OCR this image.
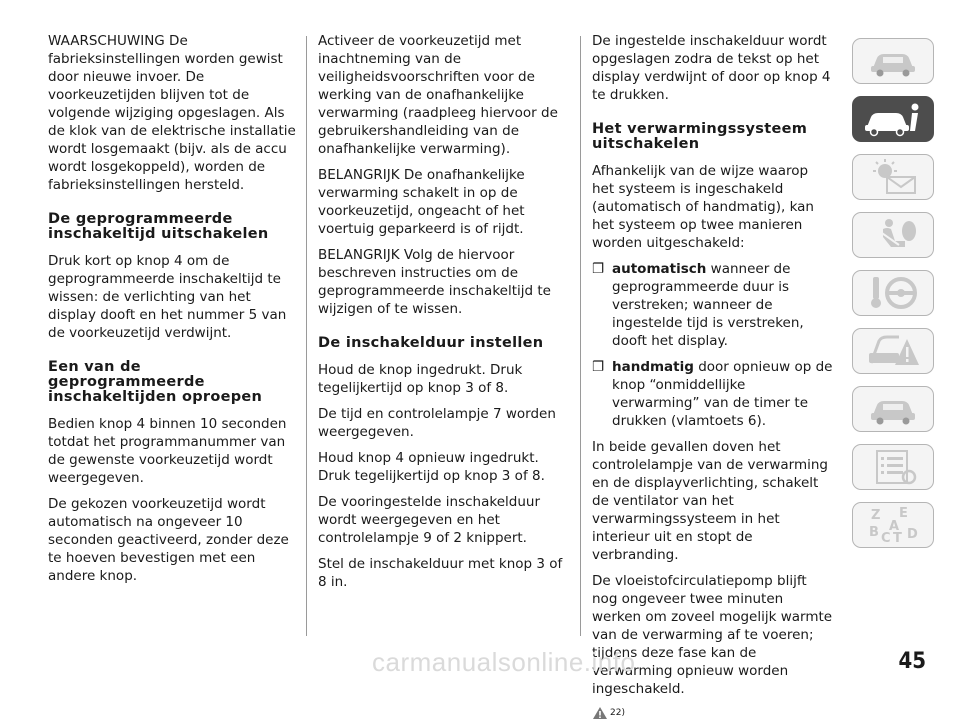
WAARSCHUWING De fabrieksinstellingen worden gewist door nieuwe invoer. De voorkeuzetijden blijven tot de volgende wijziging opgeslagen. Als de klok van de elektrische installatie wordt losgemaakt (bijv. als de accu wordt losgekoppeld), worden de fabrieksinstellingen hersteld.

De geprogrammeerde inschakeltijd uitschakelen

Druk kort op knop 4 om de geprogrammeerde inschakeltijd te wissen: de verlichting van het display dooft en het nummer 5 van de voorkeuzetijd verdwijnt.

Een van de geprogrammeerde inschakeltijden oproepen

Bedien knop 4 binnen 10 seconden totdat het programmanummer van de gewenste voorkeuzetijd wordt weergegeven.

De gekozen voorkeuzetijd wordt automatisch na ongeveer 10 seconden geactiveerd, zonder deze te hoeven bevestigen met een andere knop.

Activeer de voorkeuzetijd met inachtneming van de veiligheidsvoorschriften voor de werking van de onafhankelijke verwarming (raadpleeg hiervoor de gebruikershandleiding van de onafhankelijke verwarming).

BELANGRIJK De onafhankelijke verwarming schakelt in op de voorkeuzetijd, ongeacht of het voertuig geparkeerd is of rijdt.

BELANGRIJK Volg de hiervoor beschreven instructies om de geprogrammeerde inschakeltijd te wijzigen of te wissen.

De inschakelduur instellen

Houd de knop ingedrukt. Druk tegelijkertijd op knop 3 of 8.

De tijd en controlelampje 7 worden weergegeven.

Houd knop 4 opnieuw ingedrukt. Druk tegelijkertijd op knop 3 of 8.

De vooringestelde inschakelduur wordt weergegeven en het controlelampje 9 of 2 knippert.

Stel de inschakelduur met knop 3 of 8 in.

De ingestelde inschakelduur wordt opgeslagen zodra de tekst op het display verdwijnt of door op knop 4 te drukken.

Het verwarmingssysteem uitschakelen

Afhankelijk van de wijze waarop het systeem is ingeschakeld (automatisch of handmatig), kan het systeem op twee manieren worden uitgeschakeld:

❐ automatisch wanneer de geprogrammeerde duur is verstreken; wanneer de ingestelde tijd is verstreken, dooft het display.
❐ handmatig door opnieuw op de knop “onmiddellijke verwarming” van de timer te drukken (vlamtoets 6).

In beide gevallen doven het controlelampje van de verwarming en de displayverlichting, schakelt de ventilator van het verwarmingssysteem in het interieur uit en stopt de verbranding.

De vloeistofcirculatiepomp blijft nog ongeveer twee minuten werken om zoveel mogelijk warmte van de verwarming af te voeren; tijdens deze fase kan de verwarming opnieuw worden ingeschakeld.

22)
Z E
B A
C T D
45
carmanualsonline.info
